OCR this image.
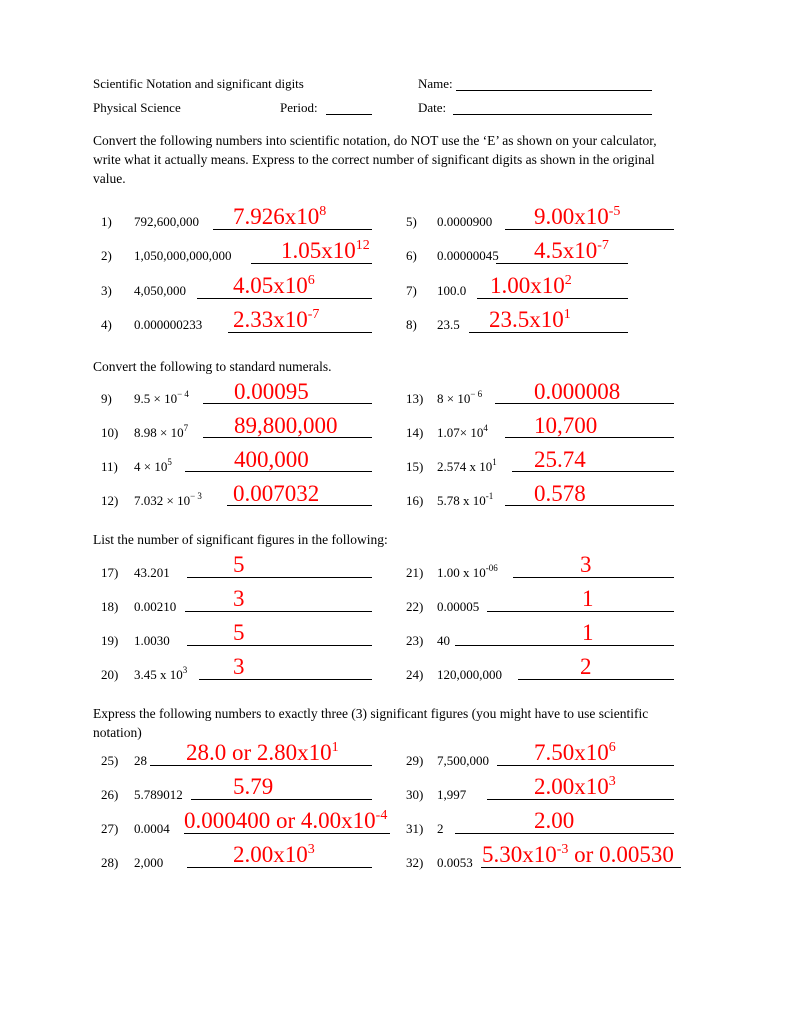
Scientific Notation and significant digits	Name:
Physical Science	Period:	Date:
Convert the following numbers into scientific notation, do NOT use the ‘E’ as shown on your calculator, write what it actually means. Express to the correct number of significant digits as shown in the original value.
1) 792,600,000 $7.926x10^8$
5) 0.0000900 $9.00x10^{-5}$
2) 1,050,000,000,000 $1.05x10^{12}$
6) 0.00000045 $4.5x10^{-7}$
3) 4,050,000 $4.05x10^6$
7) 100.0 $1.00x10^2$
4) 0.000000233 $2.33x10^{-7}$
8) 23.5 $23.5x10^1$
Convert the following to standard numerals.
9) $9.5 \times 10^{- 4}$ 0.00095	13) $8 \times 10^{- 6}$ 0.000008
10) $8.98 \times 10^7$ 89,800,000	14) $1.07\times 10^4$ 10,700
11) $4 \times 10^5$	400,000	15) 2.574 x $10^1$ 25.74
12) $7.032 \times 10^{- 3}$ 0.007032	16) 5.78 x $10^{-1}$ 0.578
List the number of significant figures in the following:
17) 43.201	5	21) 1.00 x $10^{-06}$	3
18) 0.00210 3	22) 0.00005	1
19) 1.0030	5	23) 40	1
20) 3.45 x $10^3$ 3	24) 120,000,000	2
Express the following numbers to exactly three (3) significant figures (you might have to use scientific notation)
25) 28 28.0 or $2.80x10^1$
29) 7,500,000 $7.50x10^6$
26) 5.789012 5.79	30) 1,997	$2.00x10^3$
27) 0.0004 0.000400 or $4.00x10^{-4}$
31) 2	2.00
28) 2,000	$2.00x10^3$
32) 0.0053 $5.30x10^{-3}$ or 0.00530
